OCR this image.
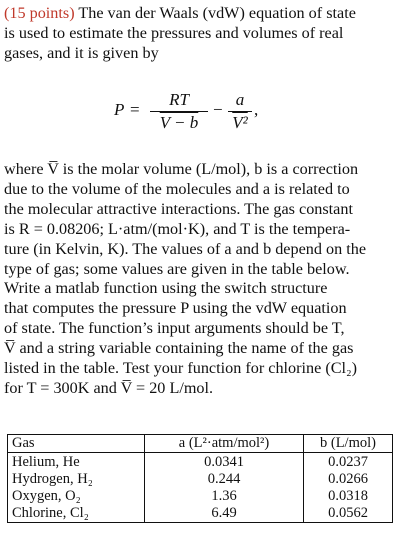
(15 points) The van der Waals (vdW) equation of state
is used to estimate the pressures and volumes of real
gases, and it is given by
$P = \frac{RT}{V - b} - \frac{a}{\text{V²}}$ ,
where V̅ is the molar volume (L/mol), b is a correction
due to the volume of the molecules and a is related to
the molecular attractive interactions. The gas constant
is R = 0.08206; L·atm/(mol·K), and T is the tempera-
ture (in Kelvin, K). The values of a and b depend on the
type of gas; some values are given in the table below.
Write a matlab function using the switch structure
that computes the pressure P using the vdW equation
of state. The function’s input arguments should be T,
V̅ and a string variable containing the name of the gas
listed in the table. Test your function for chlorine (Cl₂)
for T = 300K and V̅ = 20 L/mol.
Gas	a (L²·atm/mol²)	b (L/mol)
Helium, He	0.0341	0.0237
Hydrogen, H₂	0.244	0.0266
Oxygen, O₂	1.36	0.0318
Chlorine, Cl₂	6.49	0.0562
